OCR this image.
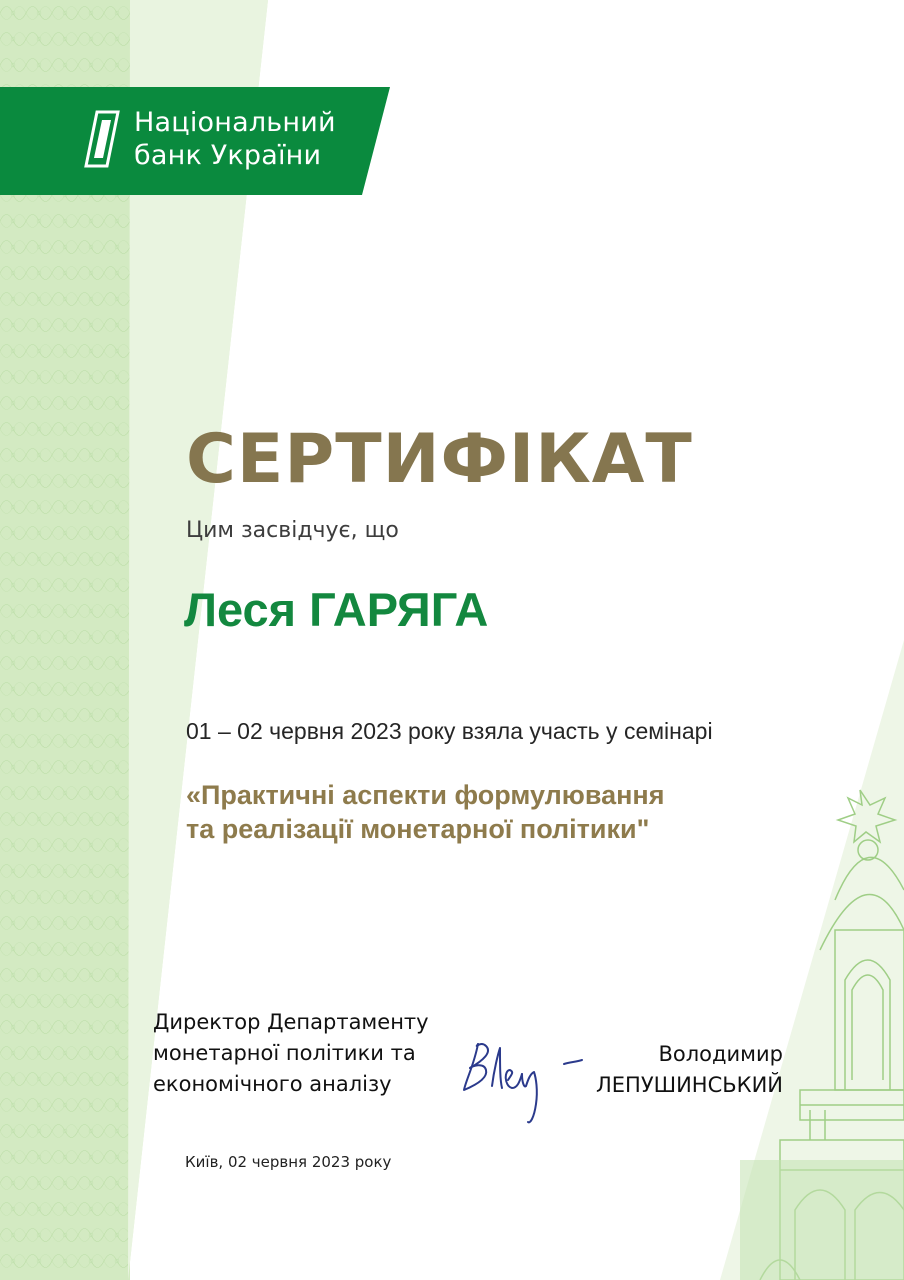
Національний
банк України
СЕРТИФІКАТ
Цим засвідчує, що
Леся ГАРЯГА
01 – 02 червня 2023 року взяла участь у семінарі
«Практичні аспекти формулювання
та реалізації монетарної політики"
Директор Департаменту
монетарної політики та
економічного аналізу
Володимир
ЛЕПУШИНСЬКИЙ
Київ, 02 червня 2023 року
